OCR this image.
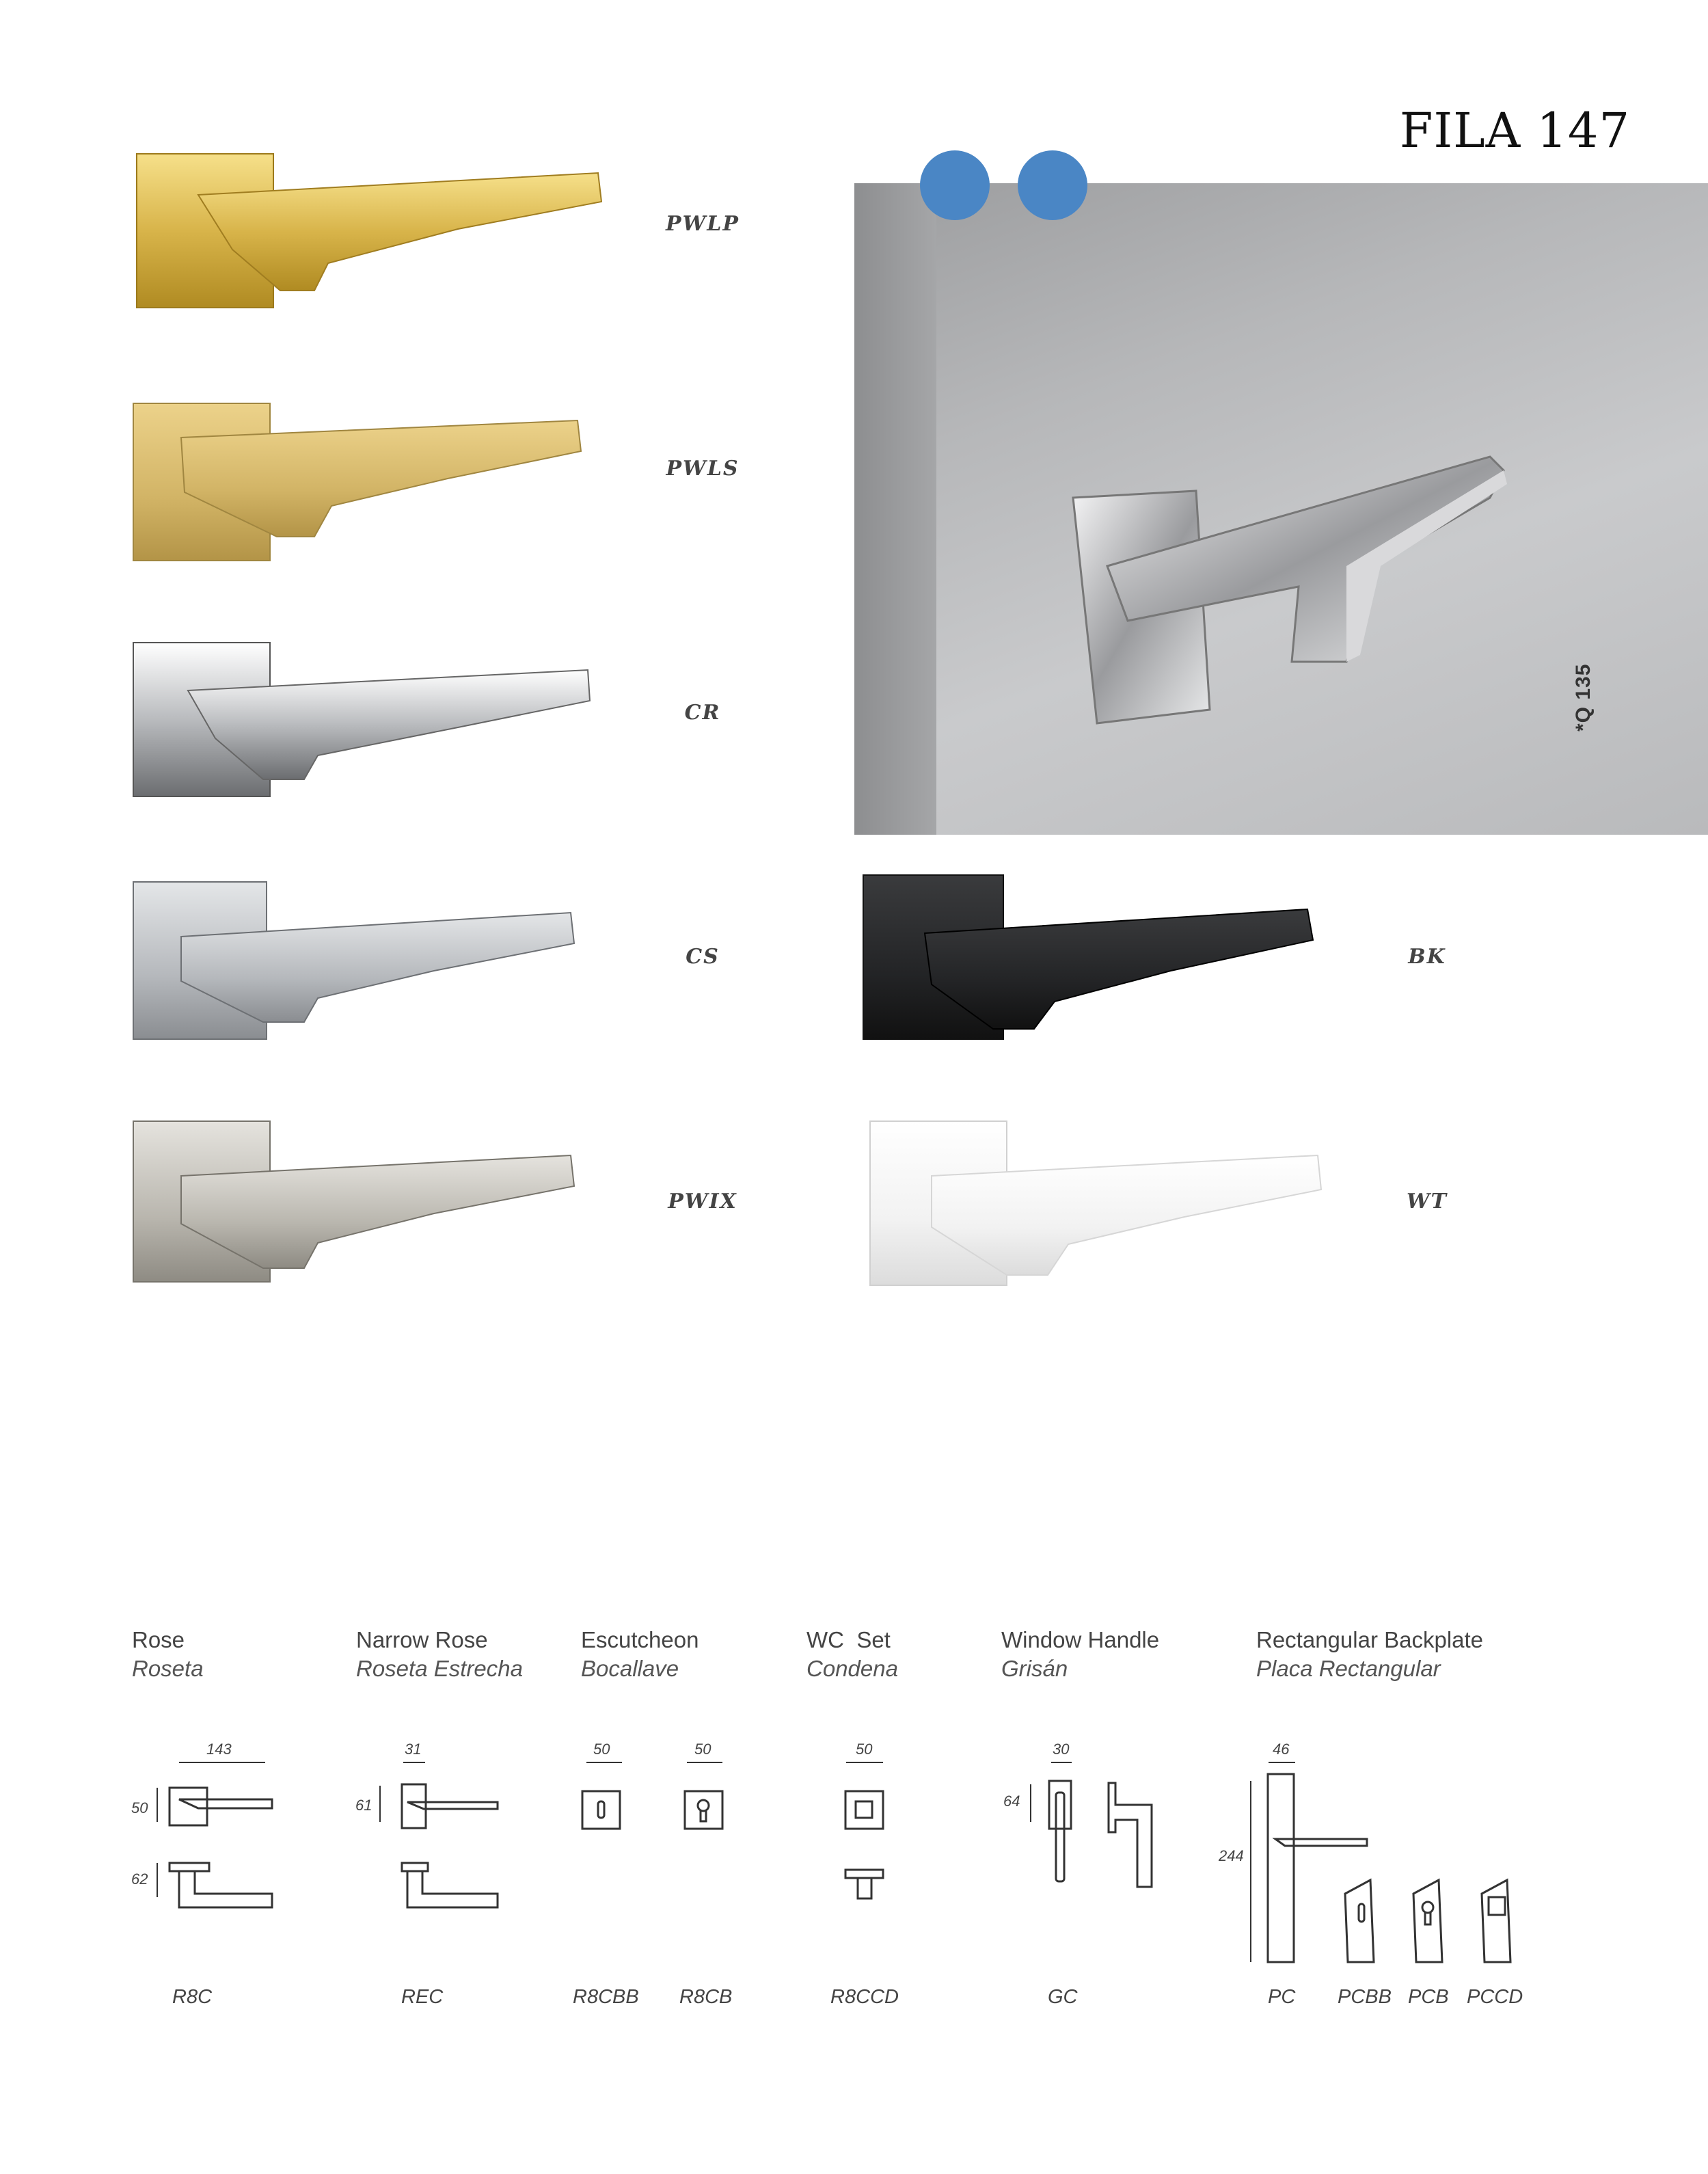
FILA 147
*Q 135
PWLP
PWLS
CR
CS	BK
PWIX	WT
Rose
Roseta
Narrow Rose
Roseta Estrecha
Escutcheon
Bocallave
WC  Set
Condena
Window Handle
Grisán
Rectangular Backplate
Placa Rectangular
143
50
62
31
61
50	50	50	30
64
46
244
R8C	REC	R8CBB R8CB	R8CCD	GC	PC PCBB PCB PCCD
